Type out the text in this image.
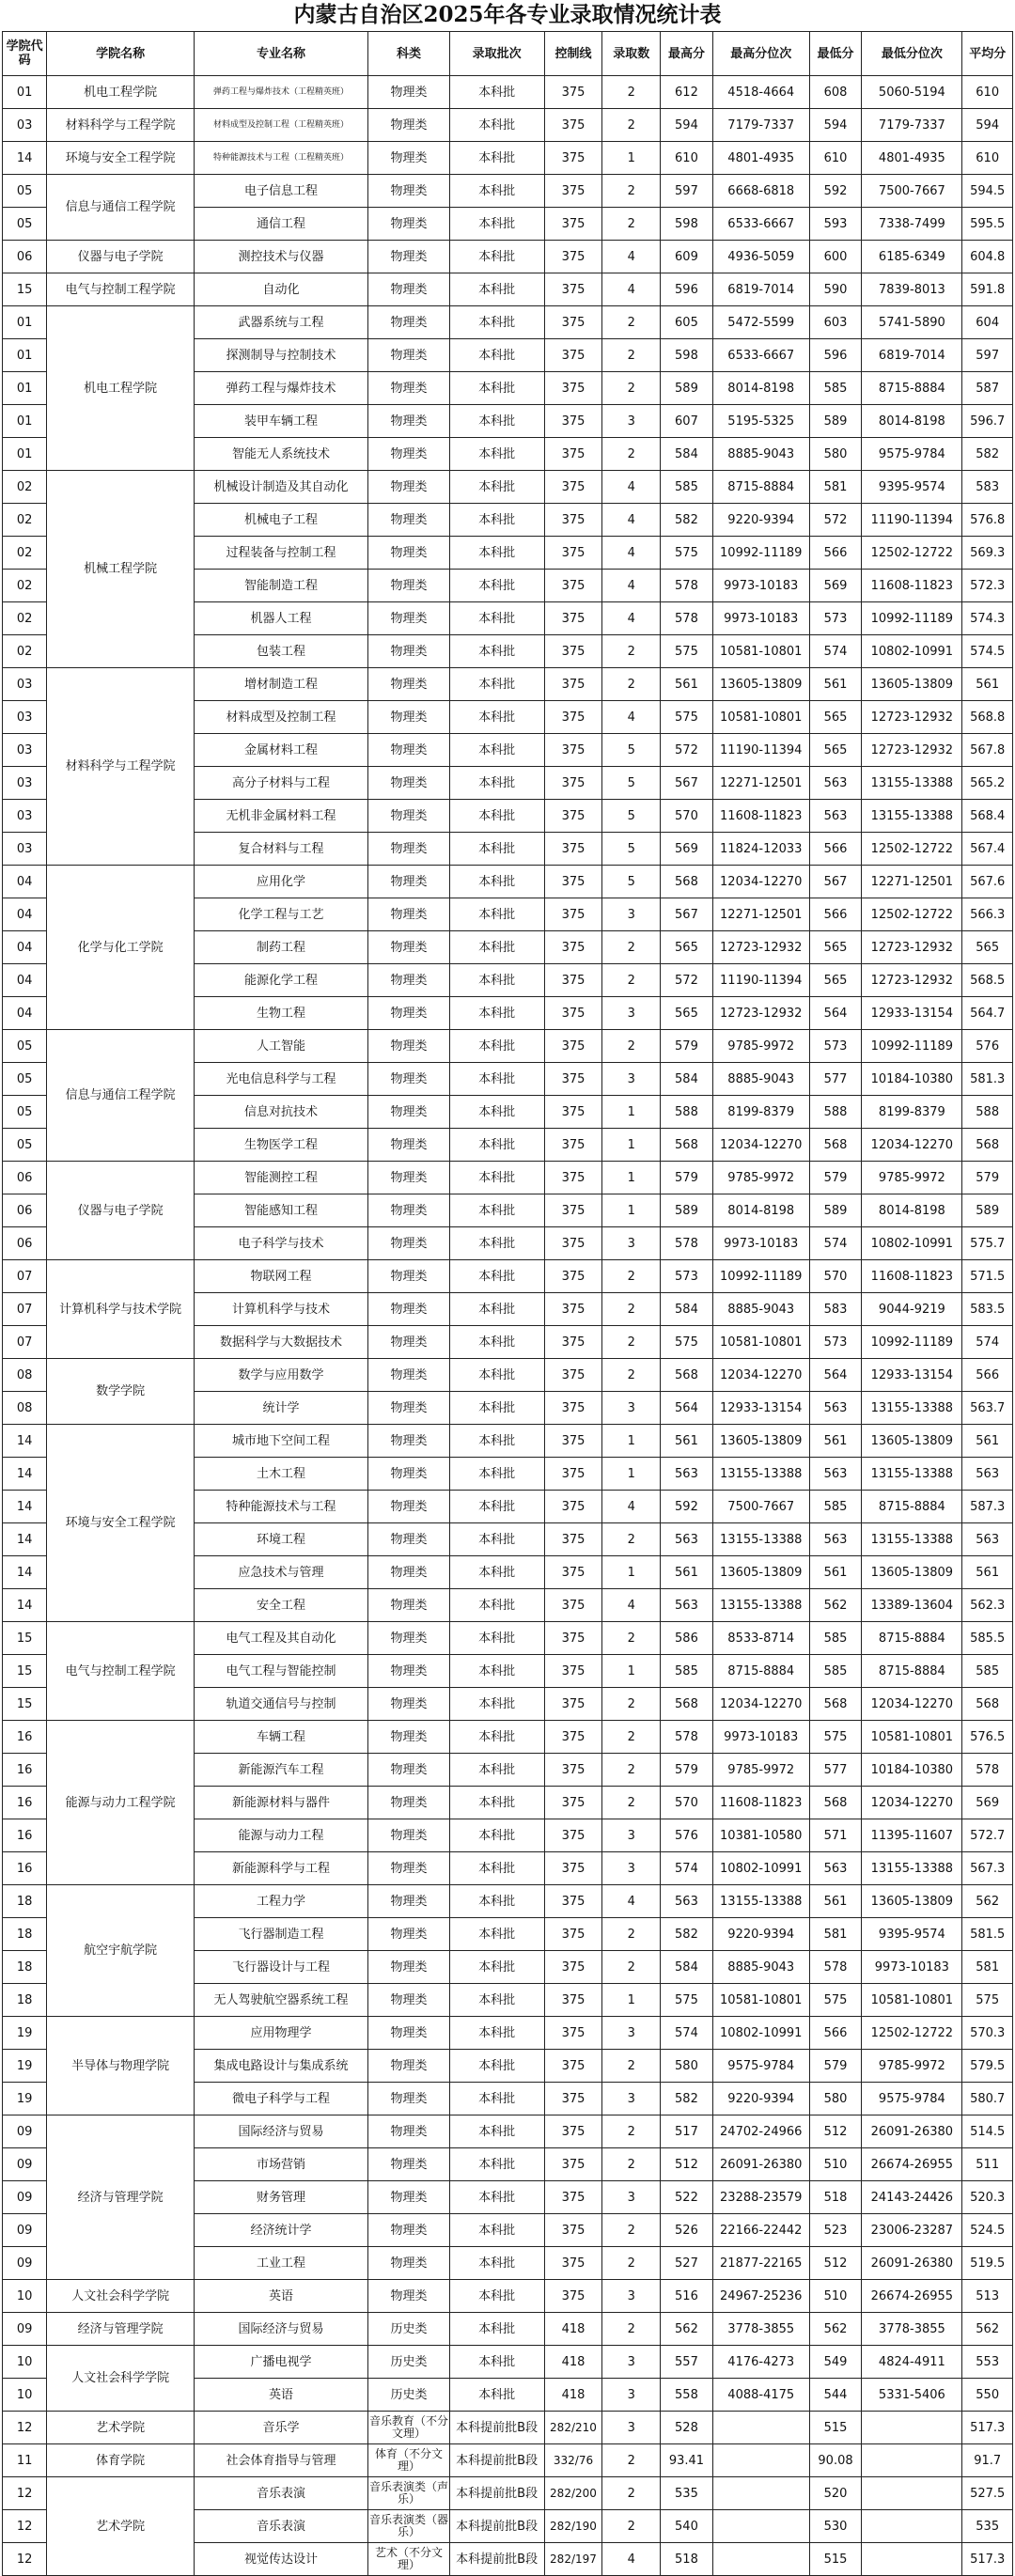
内蒙古自治区2025年各专业录取情况统计表
学院代码	学院名称	专业名称	科类	录取批次	控制线	录取数	最高分	最高分位次	最低分	最低分位次	平均分
01	机电工程学院	弹药工程与爆炸技术（工程精英班）	物理类	本科批	375	2	612	4518-4664	608	5060-5194	610
03	材料科学与工程学院	材料成型及控制工程（工程精英班）	物理类	本科批	375	2	594	7179-7337	594	7179-7337	594
14	环境与安全工程学院	特种能源技术与工程（工程精英班）	物理类	本科批	375	1	610	4801-4935	610	4801-4935	610
05	信息与通信工程学院	电子信息工程	物理类	本科批	375	2	597	6668-6818	592	7500-7667	594.5
05		通信工程	物理类	本科批	375	2	598	6533-6667	593	7338-7499	595.5
06	仪器与电子学院	测控技术与仪器	物理类	本科批	375	4	609	4936-5059	600	6185-6349	604.8
15	电气与控制工程学院	自动化	物理类	本科批	375	4	596	6819-7014	590	7839-8013	591.8
01	机电工程学院	武器系统与工程	物理类	本科批	375	2	605	5472-5599	603	5741-5890	604
01		探测制导与控制技术	物理类	本科批	375	2	598	6533-6667	596	6819-7014	597
01		弹药工程与爆炸技术	物理类	本科批	375	2	589	8014-8198	585	8715-8884	587
01		装甲车辆工程	物理类	本科批	375	3	607	5195-5325	589	8014-8198	596.7
01		智能无人系统技术	物理类	本科批	375	2	584	8885-9043	580	9575-9784	582
02	机械工程学院	机械设计制造及其自动化	物理类	本科批	375	4	585	8715-8884	581	9395-9574	583
02		机械电子工程	物理类	本科批	375	4	582	9220-9394	572	11190-11394	576.8
02		过程装备与控制工程	物理类	本科批	375	4	575	10992-11189	566	12502-12722	569.3
02		智能制造工程	物理类	本科批	375	4	578	9973-10183	569	11608-11823	572.3
02		机器人工程	物理类	本科批	375	4	578	9973-10183	573	10992-11189	574.3
02		包装工程	物理类	本科批	375	2	575	10581-10801	574	10802-10991	574.5
03	材料科学与工程学院	增材制造工程	物理类	本科批	375	2	561	13605-13809	561	13605-13809	561
03		材料成型及控制工程	物理类	本科批	375	4	575	10581-10801	565	12723-12932	568.8
03		金属材料工程	物理类	本科批	375	5	572	11190-11394	565	12723-12932	567.8
03		高分子材料与工程	物理类	本科批	375	5	567	12271-12501	563	13155-13388	565.2
03		无机非金属材料工程	物理类	本科批	375	5	570	11608-11823	563	13155-13388	568.4
03		复合材料与工程	物理类	本科批	375	5	569	11824-12033	566	12502-12722	567.4
04	化学与化工学院	应用化学	物理类	本科批	375	5	568	12034-12270	567	12271-12501	567.6
04		化学工程与工艺	物理类	本科批	375	3	567	12271-12501	566	12502-12722	566.3
04		制药工程	物理类	本科批	375	2	565	12723-12932	565	12723-12932	565
04		能源化学工程	物理类	本科批	375	2	572	11190-11394	565	12723-12932	568.5
04		生物工程	物理类	本科批	375	3	565	12723-12932	564	12933-13154	564.7
05	信息与通信工程学院	人工智能	物理类	本科批	375	2	579	9785-9972	573	10992-11189	576
05		光电信息科学与工程	物理类	本科批	375	3	584	8885-9043	577	10184-10380	581.3
05		信息对抗技术	物理类	本科批	375	1	588	8199-8379	588	8199-8379	588
05		生物医学工程	物理类	本科批	375	1	568	12034-12270	568	12034-12270	568
06	仪器与电子学院	智能测控工程	物理类	本科批	375	1	579	9785-9972	579	9785-9972	579
06		智能感知工程	物理类	本科批	375	1	589	8014-8198	589	8014-8198	589
06		电子科学与技术	物理类	本科批	375	3	578	9973-10183	574	10802-10991	575.7
07	计算机科学与技术学院	物联网工程	物理类	本科批	375	2	573	10992-11189	570	11608-11823	571.5
07		计算机科学与技术	物理类	本科批	375	2	584	8885-9043	583	9044-9219	583.5
07		数据科学与大数据技术	物理类	本科批	375	2	575	10581-10801	573	10992-11189	574
08	数学学院	数学与应用数学	物理类	本科批	375	2	568	12034-12270	564	12933-13154	566
08		统计学	物理类	本科批	375	3	564	12933-13154	563	13155-13388	563.7
14	环境与安全工程学院	城市地下空间工程	物理类	本科批	375	1	561	13605-13809	561	13605-13809	561
14		土木工程	物理类	本科批	375	1	563	13155-13388	563	13155-13388	563
14		特种能源技术与工程	物理类	本科批	375	4	592	7500-7667	585	8715-8884	587.3
14		环境工程	物理类	本科批	375	2	563	13155-13388	563	13155-13388	563
14		应急技术与管理	物理类	本科批	375	1	561	13605-13809	561	13605-13809	561
14		安全工程	物理类	本科批	375	4	563	13155-13388	562	13389-13604	562.3
15	电气与控制工程学院	电气工程及其自动化	物理类	本科批	375	2	586	8533-8714	585	8715-8884	585.5
15		电气工程与智能控制	物理类	本科批	375	1	585	8715-8884	585	8715-8884	585
15		轨道交通信号与控制	物理类	本科批	375	2	568	12034-12270	568	12034-12270	568
16	能源与动力工程学院	车辆工程	物理类	本科批	375	2	578	9973-10183	575	10581-10801	576.5
16		新能源汽车工程	物理类	本科批	375	2	579	9785-9972	577	10184-10380	578
16		新能源材料与器件	物理类	本科批	375	2	570	11608-11823	568	12034-12270	569
16		能源与动力工程	物理类	本科批	375	3	576	10381-10580	571	11395-11607	572.7
16		新能源科学与工程	物理类	本科批	375	3	574	10802-10991	563	13155-13388	567.3
18	航空宇航学院	工程力学	物理类	本科批	375	4	563	13155-13388	561	13605-13809	562
18		飞行器制造工程	物理类	本科批	375	2	582	9220-9394	581	9395-9574	581.5
18		飞行器设计与工程	物理类	本科批	375	2	584	8885-9043	578	9973-10183	581
18		无人驾驶航空器系统工程	物理类	本科批	375	1	575	10581-10801	575	10581-10801	575
19	半导体与物理学院	应用物理学	物理类	本科批	375	3	574	10802-10991	566	12502-12722	570.3
19		集成电路设计与集成系统	物理类	本科批	375	2	580	9575-9784	579	9785-9972	579.5
19		微电子科学与工程	物理类	本科批	375	3	582	9220-9394	580	9575-9784	580.7
09	经济与管理学院	国际经济与贸易	物理类	本科批	375	2	517	24702-24966	512	26091-26380	514.5
09		市场营销	物理类	本科批	375	2	512	26091-26380	510	26674-26955	511
09		财务管理	物理类	本科批	375	3	522	23288-23579	518	24143-24426	520.3
09		经济统计学	物理类	本科批	375	2	526	22166-22442	523	23006-23287	524.5
09		工业工程	物理类	本科批	375	2	527	21877-22165	512	26091-26380	519.5
10	人文社会科学学院	英语	物理类	本科批	375	3	516	24967-25236	510	26674-26955	513
09	经济与管理学院	国际经济与贸易	历史类	本科批	418	2	562	3778-3855	562	3778-3855	562
10	人文社会科学学院	广播电视学	历史类	本科批	418	3	557	4176-4273	549	4824-4911	553
10		英语	历史类	本科批	418	3	558	4088-4175	544	5331-5406	550
12	艺术学院	音乐学	音乐教育（不分文理）	本科提前批B段	282/210	3	528		515		517.3
11	体育学院	社会体育指导与管理	体育（不分文理）	本科提前批B段	332/76	2	93.41		90.08		91.7
12	艺术学院	音乐表演	音乐表演类（声乐）	本科提前批B段	282/200	2	535		520		527.5
12		音乐表演	音乐表演类（器乐）	本科提前批B段	282/190	2	540		530		535
12		视觉传达设计	艺术（不分文理）	本科提前批B段	282/197	4	518		515		517.3
